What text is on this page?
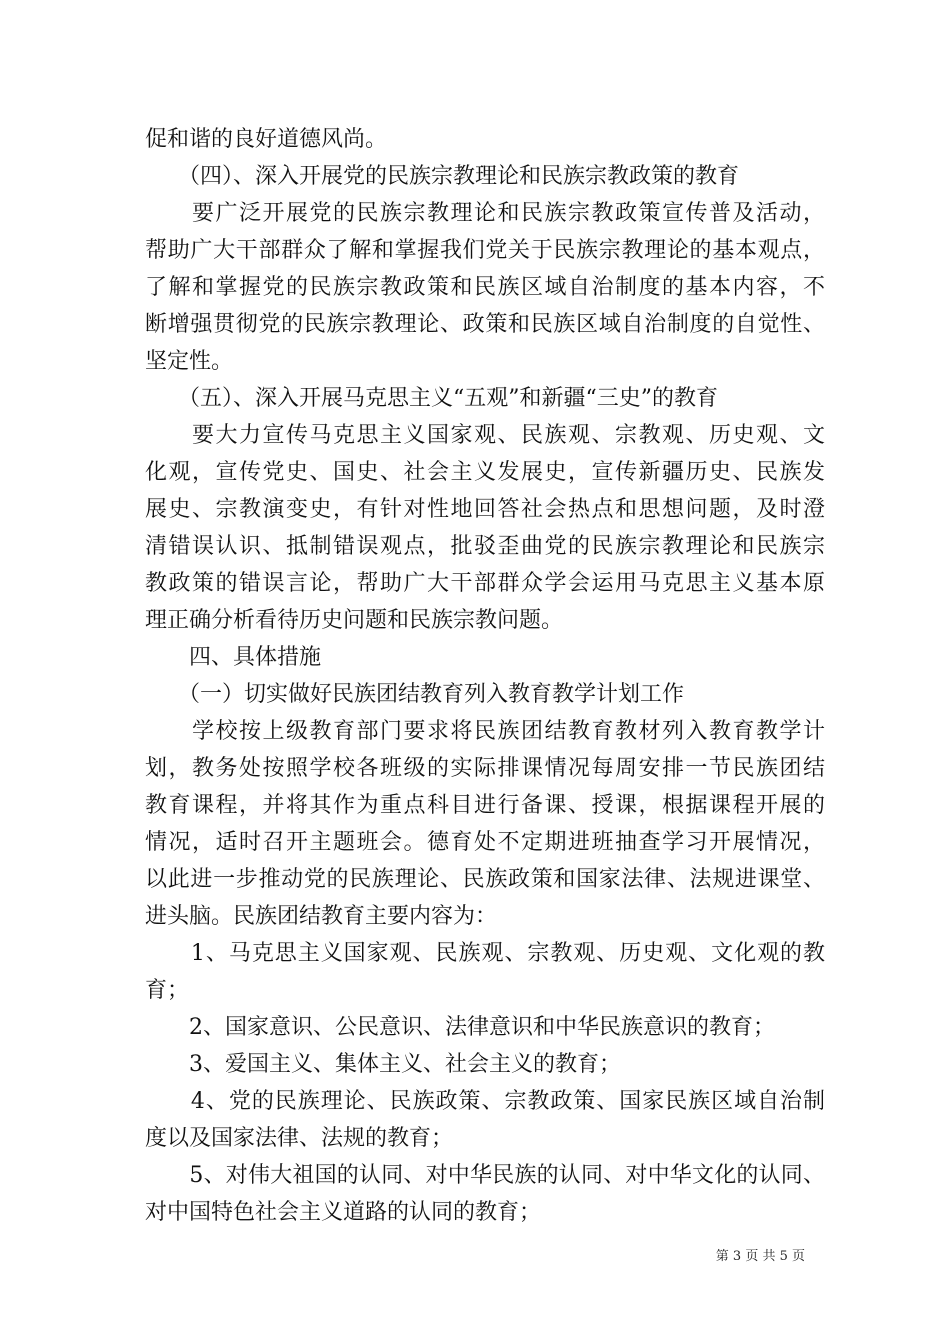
促和谐的良好道德风尚。
　　（四）、深入开展党的民族宗教理论和民族宗教政策的教育
　　要广泛开展党的民族宗教理论和民族宗教政策宣传普及活动，
帮助广大干部群众了解和掌握我们党关于民族宗教理论的基本观点，
了解和掌握党的民族宗教政策和民族区域自治制度的基本内容，不
断增强贯彻党的民族宗教理论、政策和民族区域自治制度的自觉性、
坚定性。
　　（五）、深入开展马克思主义“五观”和新疆“三史”的教育
　　要大力宣传马克思主义国家观、民族观、宗教观、历史观、文
化观，宣传党史、国史、社会主义发展史，宣传新疆历史、民族发
展史、宗教演变史，有针对性地回答社会热点和思想问题，及时澄
清错误认识、抵制错误观点，批驳歪曲党的民族宗教理论和民族宗
教政策的错误言论，帮助广大干部群众学会运用马克思主义基本原
理正确分析看待历史问题和民族宗教问题。
　　四、具体措施
　　（一）切实做好民族团结教育列入教育教学计划工作
　　学校按上级教育部门要求将民族团结教育教材列入教育教学计
划，教务处按照学校各班级的实际排课情况每周安排一节民族团结
教育课程，并将其作为重点科目进行备课、授课，根据课程开展的
情况，适时召开主题班会。德育处不定期进班抽查学习开展情况，
以此进一步推动党的民族理论、民族政策和国家法律、法规进课堂、
进头脑。民族团结教育主要内容为：
　　1、马克思主义国家观、民族观、宗教观、历史观、文化观的教
育；
　　2、国家意识、公民意识、法律意识和中华民族意识的教育；
　　3、爱国主义、集体主义、社会主义的教育；
　　4、党的民族理论、民族政策、宗教政策、国家民族区域自治制
度以及国家法律、法规的教育；
　　5、对伟大祖国的认同、对中华民族的认同、对中华文化的认同、
对中国特色社会主义道路的认同的教育；
第 3 页 共 5 页
